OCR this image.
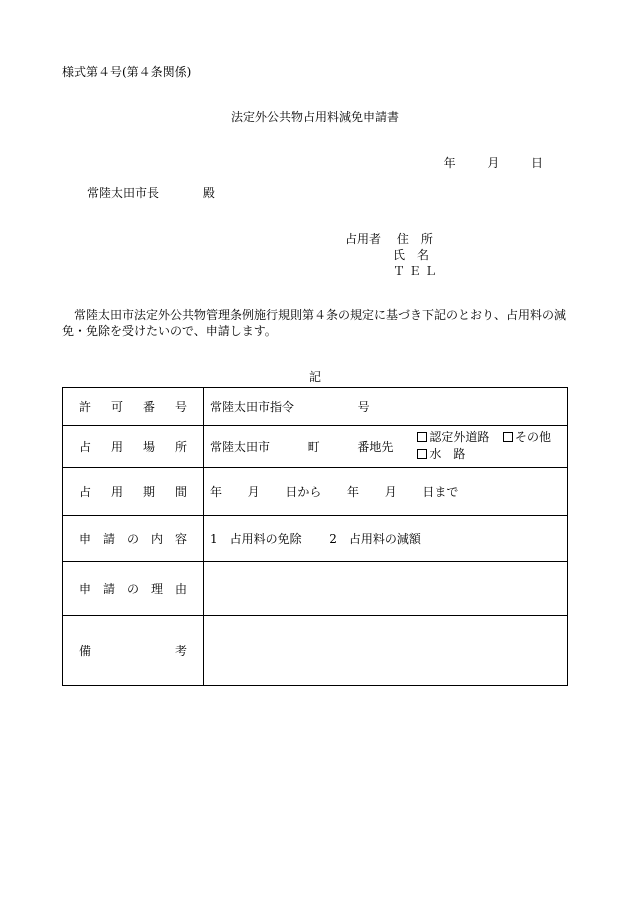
様式第４号(第４条関係)
法定外公共物占用料減免申請書
年	月	日
常陸太田市長	殿
占用者 住　所
氏　名
Ｔ Ｅ Ｌ
常陸太田市法定外公共物管理条例施行規則第４条の規定に基づき下記のとおり、占用料の減免・免除を受けたいので、申請します。
記
許可番号	常陸太田市指令 号
占用場所	常陸太田市 町 番地先
認定外道路 その他
水　路

占用期間	年 月 日から 年 月 日まで
申請の内容	1　占用料の免除 2　占用料の減額
申請の理由	

備 考	
